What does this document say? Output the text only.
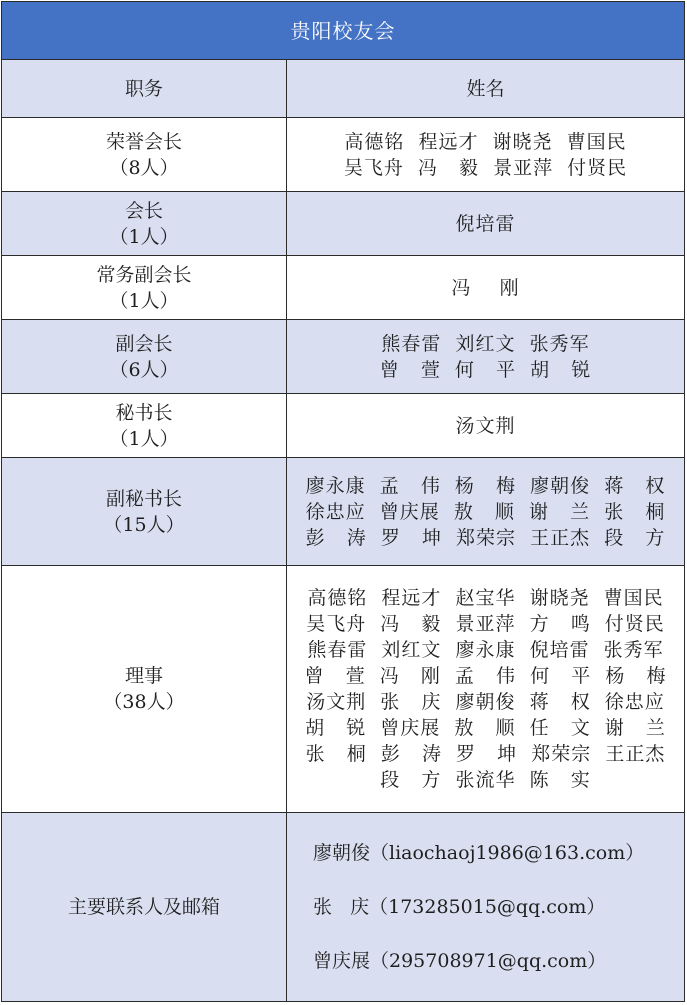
贵阳校友会
职务	姓名
荣誉会长
（8人）
高德铭  程远才  谢晓尧  曹国民
吴飞舟  冯   毅  景亚萍  付贤民
会长
（1人）
倪培雷
常务副会长
（1人）
冯    刚
副会长
（6人）
熊春雷  刘红文  张秀军
曾   萱  何   平  胡   锐
秘书长
（1人）
汤文荆
副秘书长
（15人）
廖永康  孟   伟  杨   梅  廖朝俊  蒋   权
徐忠应  曾庆展  敖   顺  谢   兰  张   桐
彭   涛  罗   坤  郑荣宗  王正杰  段   方
理事
（38人）
高德铭  程远才  赵宝华  谢晓尧  曹国民
吴飞舟  冯   毅  景亚萍  方   鸣  付贤民
熊春雷  刘红文  廖永康  倪培雷  张秀军
曾   萱  冯   刚  孟   伟  何   平  杨   梅
汤文荆  张   庆  廖朝俊  蒋   权  徐忠应
胡   锐  曾庆展  敖   顺  任   文  谢   兰
张   桐  彭   涛  罗   坤  郑荣宗  王正杰
段   方  张流华  陈   实
主要联系人及邮箱
廖朝俊（liaochaoj1986@163.com）
张   庆（173285015@qq.com）
曾庆展（295708971@qq.com）
